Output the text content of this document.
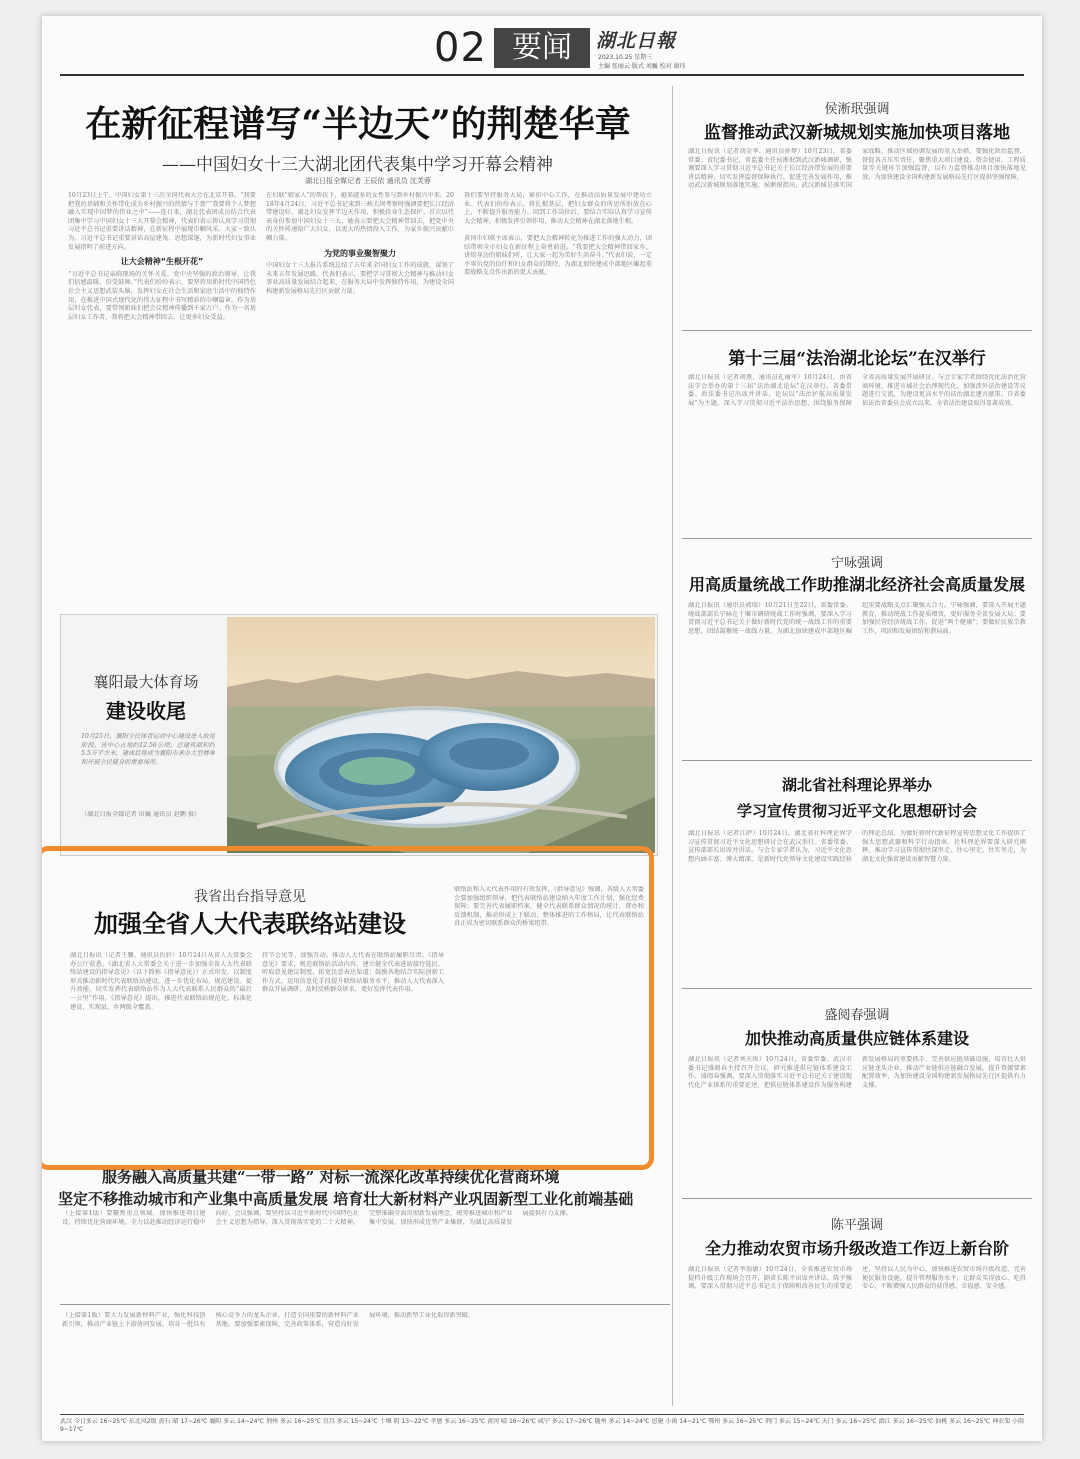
02 要闻	湖北日報
2023.10.25 星期三
主编 张丽云 版式 刘巍 校对 谢玮
在新征程谱写“半边天”的荆楚华章
——中国妇女十三大湖北团代表集中学习开幕会精神
湖北日报全媒记者 王辰依 通讯员 沈芙蓉
10月23日上午，中国妇女第十三次全国代表大会在北京开幕。“我要把我的基础和关怀带化成为乡村振兴的热情与干劲”“我要将个人梦想融入实现中国梦的伟业之中”——连日来，湖北代表团成员结合代表团集中学习中国妇女十三大开幕会精神，代表们表示将认真学习贯彻习近平总书记重要讲话精神，在新征程中展现巾帼风采。大家一致认为，习近平总书记重要讲话高屋建瓴、思想深邃，为新时代妇女事业发展指明了前进方向。
让大会精神“生根开花”
“习近平总书记亲临现场的关怀关爱，党中央坚强的政治领导，让我们倍感温暖、倍受鼓舞。”代表们纷纷表示，要坚持用新时代中国特色社会主义思想武装头脑，发挥妇女在社会生活和家庭生活中的独特作用，在推进中国式现代化的伟大征程中书写精彩的巾帼篇章。作为基层妇女代表，要带领姐妹们把会议精神传播到千家万户。作为一名基层妇女工作者，我将把大会精神带回去，让更多妇女受益。
在妇联“娘家人”的帮扶下，越来越多的女性参与到乡村振兴中来。2018年4月24日，习近平总书记来到三峡大坝考察时强调要把长江经济带建设好，湖北妇女发挥半边天作用，积极投身生态保护。首次以代表身份参加中国妇女十三大，她表示要把大会精神带回去，把党中央的关怀传递给广大妇女，以更大的热情投入工作，为家乡振兴贡献巾帼力量。
为党的事业聚智聚力
中国妇女十三大报告系统总结了五年来全国妇女工作的成就，谋划了未来五年发展思路。代表们表示，要把学习贯彻大会精神与推动妇女事业高质量发展结合起来，在服务大局中发挥独特作用，为建设全国构建新发展格局先行区贡献力量。
我们要坚持服务大局，紧扣中心工作，在推动高质量发展中建功立业。代表们纷纷表示，将扎根基层，把妇女群众的所思所盼放在心上，不断提升服务能力。回到工作岗位后，要结合实际认真学习宣传大会精神，积极发挥引领作用，推动大会精神在湖北落地生根。

黄冈市妇联主席表示，要把大会精神转化为推进工作的强大动力，团结带领全市妇女在新征程上奋勇前进。“我要把大会精神带回家乡，讲给身边的姐妹们听，让大家一起为美好生活奋斗。”代表们说，一定不辜负党的信任和妇女群众的期待，为湖北加快建成中部地区崛起重要战略支点作出新的更大贡献。
襄阳最大体育场
建设收尾
10月25日，襄阳全民体育运动中心建设进入收尾阶段。该中心占地约12.56公顷，总建筑面积约5.5万平方米，建成后将成为襄阳市承办大型赛事和开展全民健身的重要场所。
（湖北日报全媒记者 田巍 通讯员 赵鹏 摄）
我省出台指导意见
加强全省人大代表联络站建设
湖北日报讯（记者王馨、通讯员仇轩）10月24日从省人大常委会办公厅获悉，《湖北省人大常委会关于进一步加强全省人大代表联络站建设的指导意见》（以下简称《指导意见》）正式印发，以制度形式推动新时代代表联络站建设，进一步优化布局、规范建设、提升效能，切实发挥代表联络站作为人大代表联系人民群众的“最后一公里”作用。《指导意见》提出，推进代表联络站规范化、标准化建设，实现县、乡两级全覆盖。
持节会见等，加强互动。推动人大代表在联络站履职尽责。《指导意见》要求，规范联络站活动内容，建立健全代表进站接待选民、听取意见建议制度，拓宽民意表达渠道；鼓励各地结合实际创新工作方式，运用信息化手段提升联络站服务水平，推动人大代表深入群众开展调研，及时反映群众诉求，更好发挥代表作用。
联络站和人大代表作用的有效发挥，《指导意见》强调，各级人大常委会要加强组织领导，把代表联络站建设纳入年度工作计划，强化经费保障；要完善代表履职档案，健全代表联系群众情况的统计、督办和反馈机制，推动形成上下联动、整体推进的工作格局，让代表联络站真正成为密切联系群众的桥梁纽带。
服务融入高质量共建“一带一路” 对标一流深化改革持续优化营商环境
坚定不移推动城市和产业集中高质量发展 培育壮大新材料产业巩固新型工业化前端基础
（上接第1版）要聚焦重点领域，加快推进项目建设，持续优化营商环境，全力以赴推动经济运行稳中向好。会议强调，要坚持以习近平新时代中国特色社会主义思想为指导，深入贯彻落实党的二十大精神，完整准确全面贯彻新发展理念，统筹推进城市和产业集中发展，加快形成优势产业集群，为湖北高质量发展提供有力支撑。
（上接第1版）要大力发展新材料产业，强化科技创新引领，推动产业链上下游协同发展，培育一批具有核心竞争力的龙头企业，打造全国重要的新材料产业基地。要加强要素保障，完善政策体系，营造良好发展环境，推动新型工业化取得新突破。
武汉 今日多云 16~25℃ 东北风2级 黄石 晴 17~26℃ 襄阳 多云 14~24℃ 荆州 多云 16~25℃ 宜昌 多云 15~24℃ 十堰 阴 13~22℃ 孝感 多云 16~25℃ 黄冈 晴 16~26℃ 咸宁 多云 17~26℃ 随州 多云 14~24℃ 恩施 小雨 14~21℃ 鄂州 多云 16~25℃ 荆门 多云 15~24℃ 天门 多云 16~25℃ 潜江 多云 16~25℃ 仙桃 多云 16~25℃ 神农架 小雨 9~17℃
侯淅珉强调
监督推动武汉新城规划实施加快项目落地
湖北日报讯（记者胡金华、通讯员孙梦）10月23日，省委常委、省纪委书记、省监委主任侯淅珉到武汉新城调研，强调要深入学习贯彻习近平总书记关于长江经济带发展的重要讲话精神，切实发挥监督保障执行、促进完善发展作用，推动武汉新城规划落地实施。侯淅珉指出，武汉新城是落实国家战略、推动区域协调发展的重大举措，要强化政治监督，督促各方压实责任，聚焦重大项目建设、资金使用、工程质量等关键环节加强监督，以有力监督推动项目加快落地见效，为加快建设全国构建新发展格局先行区提供坚强保障。
第十三届“法治湖北论坛”在汉举行
湖北日报讯（记者胡燕、通讯员孔丽军）10月24日，由省法学会举办的第十三届“法治湖北论坛”在汉举行。省委常委、政法委书记出席并讲话。论坛以“法治护航高质量发展”为主题，深入学习贯彻习近平法治思想，围绕服务保障全省高质量发展开展研讨。与会专家学者围绕优化法治化营商环境、推进市域社会治理现代化、加强涉外法治建设等议题进行交流，为建设更高水平的法治湖北建言献策。自省委依法治省委员会成立以来，全省法治建设取得显著成效。
宁咏强调
用高质量统战工作助推湖北经济社会高质量发展
湖北日报讯（通讯员郭瑞）10月21日至22日，省委常委、统战部部长宁咏在十堰市调研统战工作时强调，要深入学习贯彻习近平总书记关于做好新时代党的统一战线工作的重要思想，团结凝聚统一战线力量，为湖北加快建成中部地区崛起重要战略支点汇聚强大合力。宁咏强调，要深入开展主题教育，推动统战工作提质增效，更好服务全省发展大局；要加强民营经济统战工作，促进“两个健康”；要做好民族宗教工作，巩固和发展团结和谐局面。
湖北省社科理论界举办
学习宣传贯彻习近平文化思想研讨会
湖北日报讯（记者江萨）10月24日，湖北省社科理论界学习宣传贯彻习近平文化思想研讨会在武汉举行。省委常委、宣传部部长出席并讲话。与会专家学者认为，习近平文化思想内涵丰富、博大精深，是新时代党领导文化建设实践经验的理论总结，为做好新时代新征程宣传思想文化工作提供了强大思想武器和科学行动指南。社科理论界要深入研究阐释，推动学习宣传贯彻往深里走、往心里走、往实里走，为湖北文化强省建设贡献智慧力量。
盛阅春强调
加快推动高质量供应链体系建设
湖北日报讯（记者刘天纵）10月24日，省委常委、武汉市委书记盛阅春主持召开会议，研究推进供应链体系建设工作。盛阅春强调，要深入贯彻落实习近平总书记关于建设现代化产业体系的重要论述，把供应链体系建设作为服务构建新发展格局的重要抓手，完善供应链基础设施，培育壮大供应链龙头企业，推动产业链供应链融合发展，提升资源要素配置效率，为加快建设全国构建新发展格局先行区提供有力支撑。
陈平强调
全力推动农贸市场升级改造工作迈上新台阶
湖北日报讯（记者李翁敏）10月24日，全省推进农贸市场提档升级工作现场会召开，副省长陈平出席并讲话。陈平强调，要深入贯彻习近平总书记关于保障和改善民生的重要论述，坚持以人民为中心，加快推进农贸市场升级改造，完善便民服务设施，提升管理服务水平，让群众买得放心、吃得安心，不断增强人民群众的获得感、幸福感、安全感。
